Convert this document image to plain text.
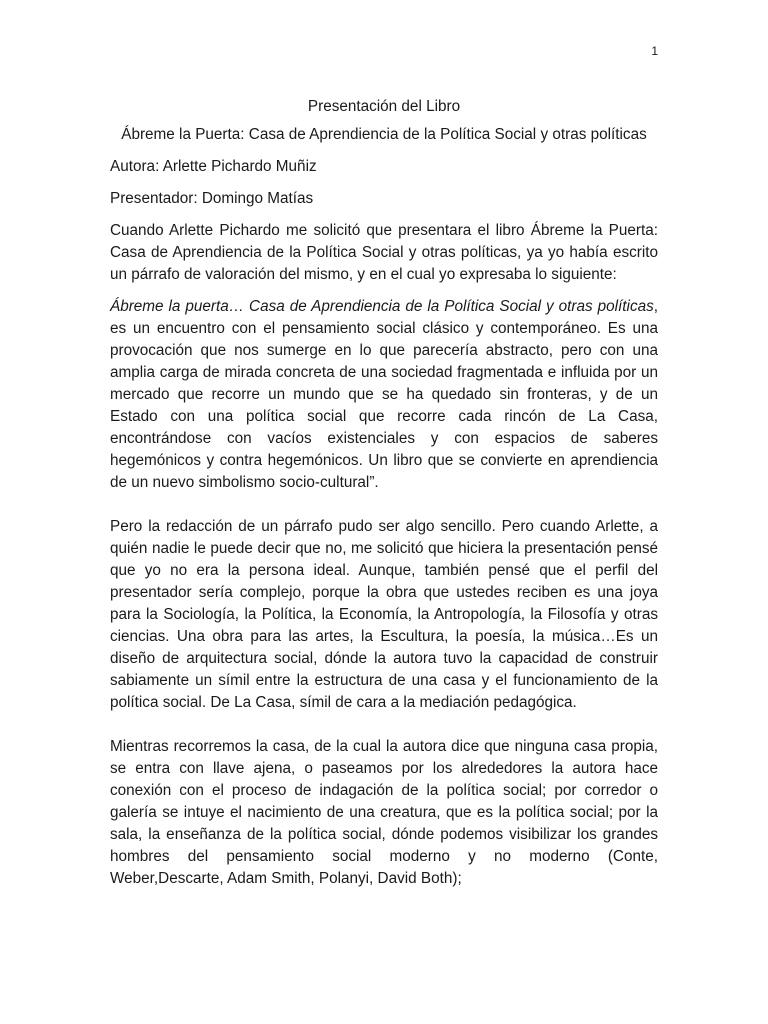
1
Presentación del Libro
Ábreme la Puerta: Casa de Aprendiencia de la Política Social y otras políticas

Autora: Arlette Pichardo Muñiz

Presentador: Domingo Matías

Cuando Arlette Pichardo me solicitó que presentara el libro Ábreme la Puerta: Casa de Aprendiencia de la Política Social y otras políticas, ya yo había escrito un párrafo de valoración del mismo, y en el cual yo expresaba lo siguiente:

Ábreme la puerta… Casa de Aprendiencia de la Política Social y otras políticas, es un encuentro con el pensamiento social clásico y contemporáneo. Es una provocación que nos sumerge en lo que parecería abstracto, pero con una amplia carga de mirada concreta de una sociedad fragmentada e influida por un mercado que recorre un mundo que se ha quedado sin fronteras, y de un Estado con una política social que recorre cada rincón de La Casa, encontrándose con vacíos existenciales y con espacios de saberes hegemónicos y contra hegemónicos. Un libro que se convierte en aprendiencia de un nuevo simbolismo socio-cultural”.

Pero la redacción de un párrafo pudo ser algo sencillo. Pero cuando Arlette, a quién nadie le puede decir que no, me solicitó que hiciera la presentación pensé que yo no era la persona ideal. Aunque, también pensé que el perfil del presentador sería complejo, porque la obra que ustedes reciben es una joya para la Sociología, la Política, la Economía, la Antropología, la Filosofía y otras ciencias. Una obra para las artes, la Escultura, la poesía, la música…Es un diseño de arquitectura social, dónde la autora tuvo la capacidad de construir sabiamente un símil entre la estructura de una casa y el funcionamiento de la política social. De La Casa, símil de cara a la mediación pedagógica.

Mientras recorremos la casa, de la cual la autora dice que ninguna casa propia, se entra con llave ajena, o paseamos por los alrededores la autora hace conexión con el proceso de indagación de la política social; por corredor o galería se intuye el nacimiento de una creatura, que es la política social; por la sala, la enseñanza de la política social, dónde podemos visibilizar los grandes hombres del pensamiento social moderno y no moderno (Conte, Weber,Descarte, Adam Smith, Polanyi, David Both);
